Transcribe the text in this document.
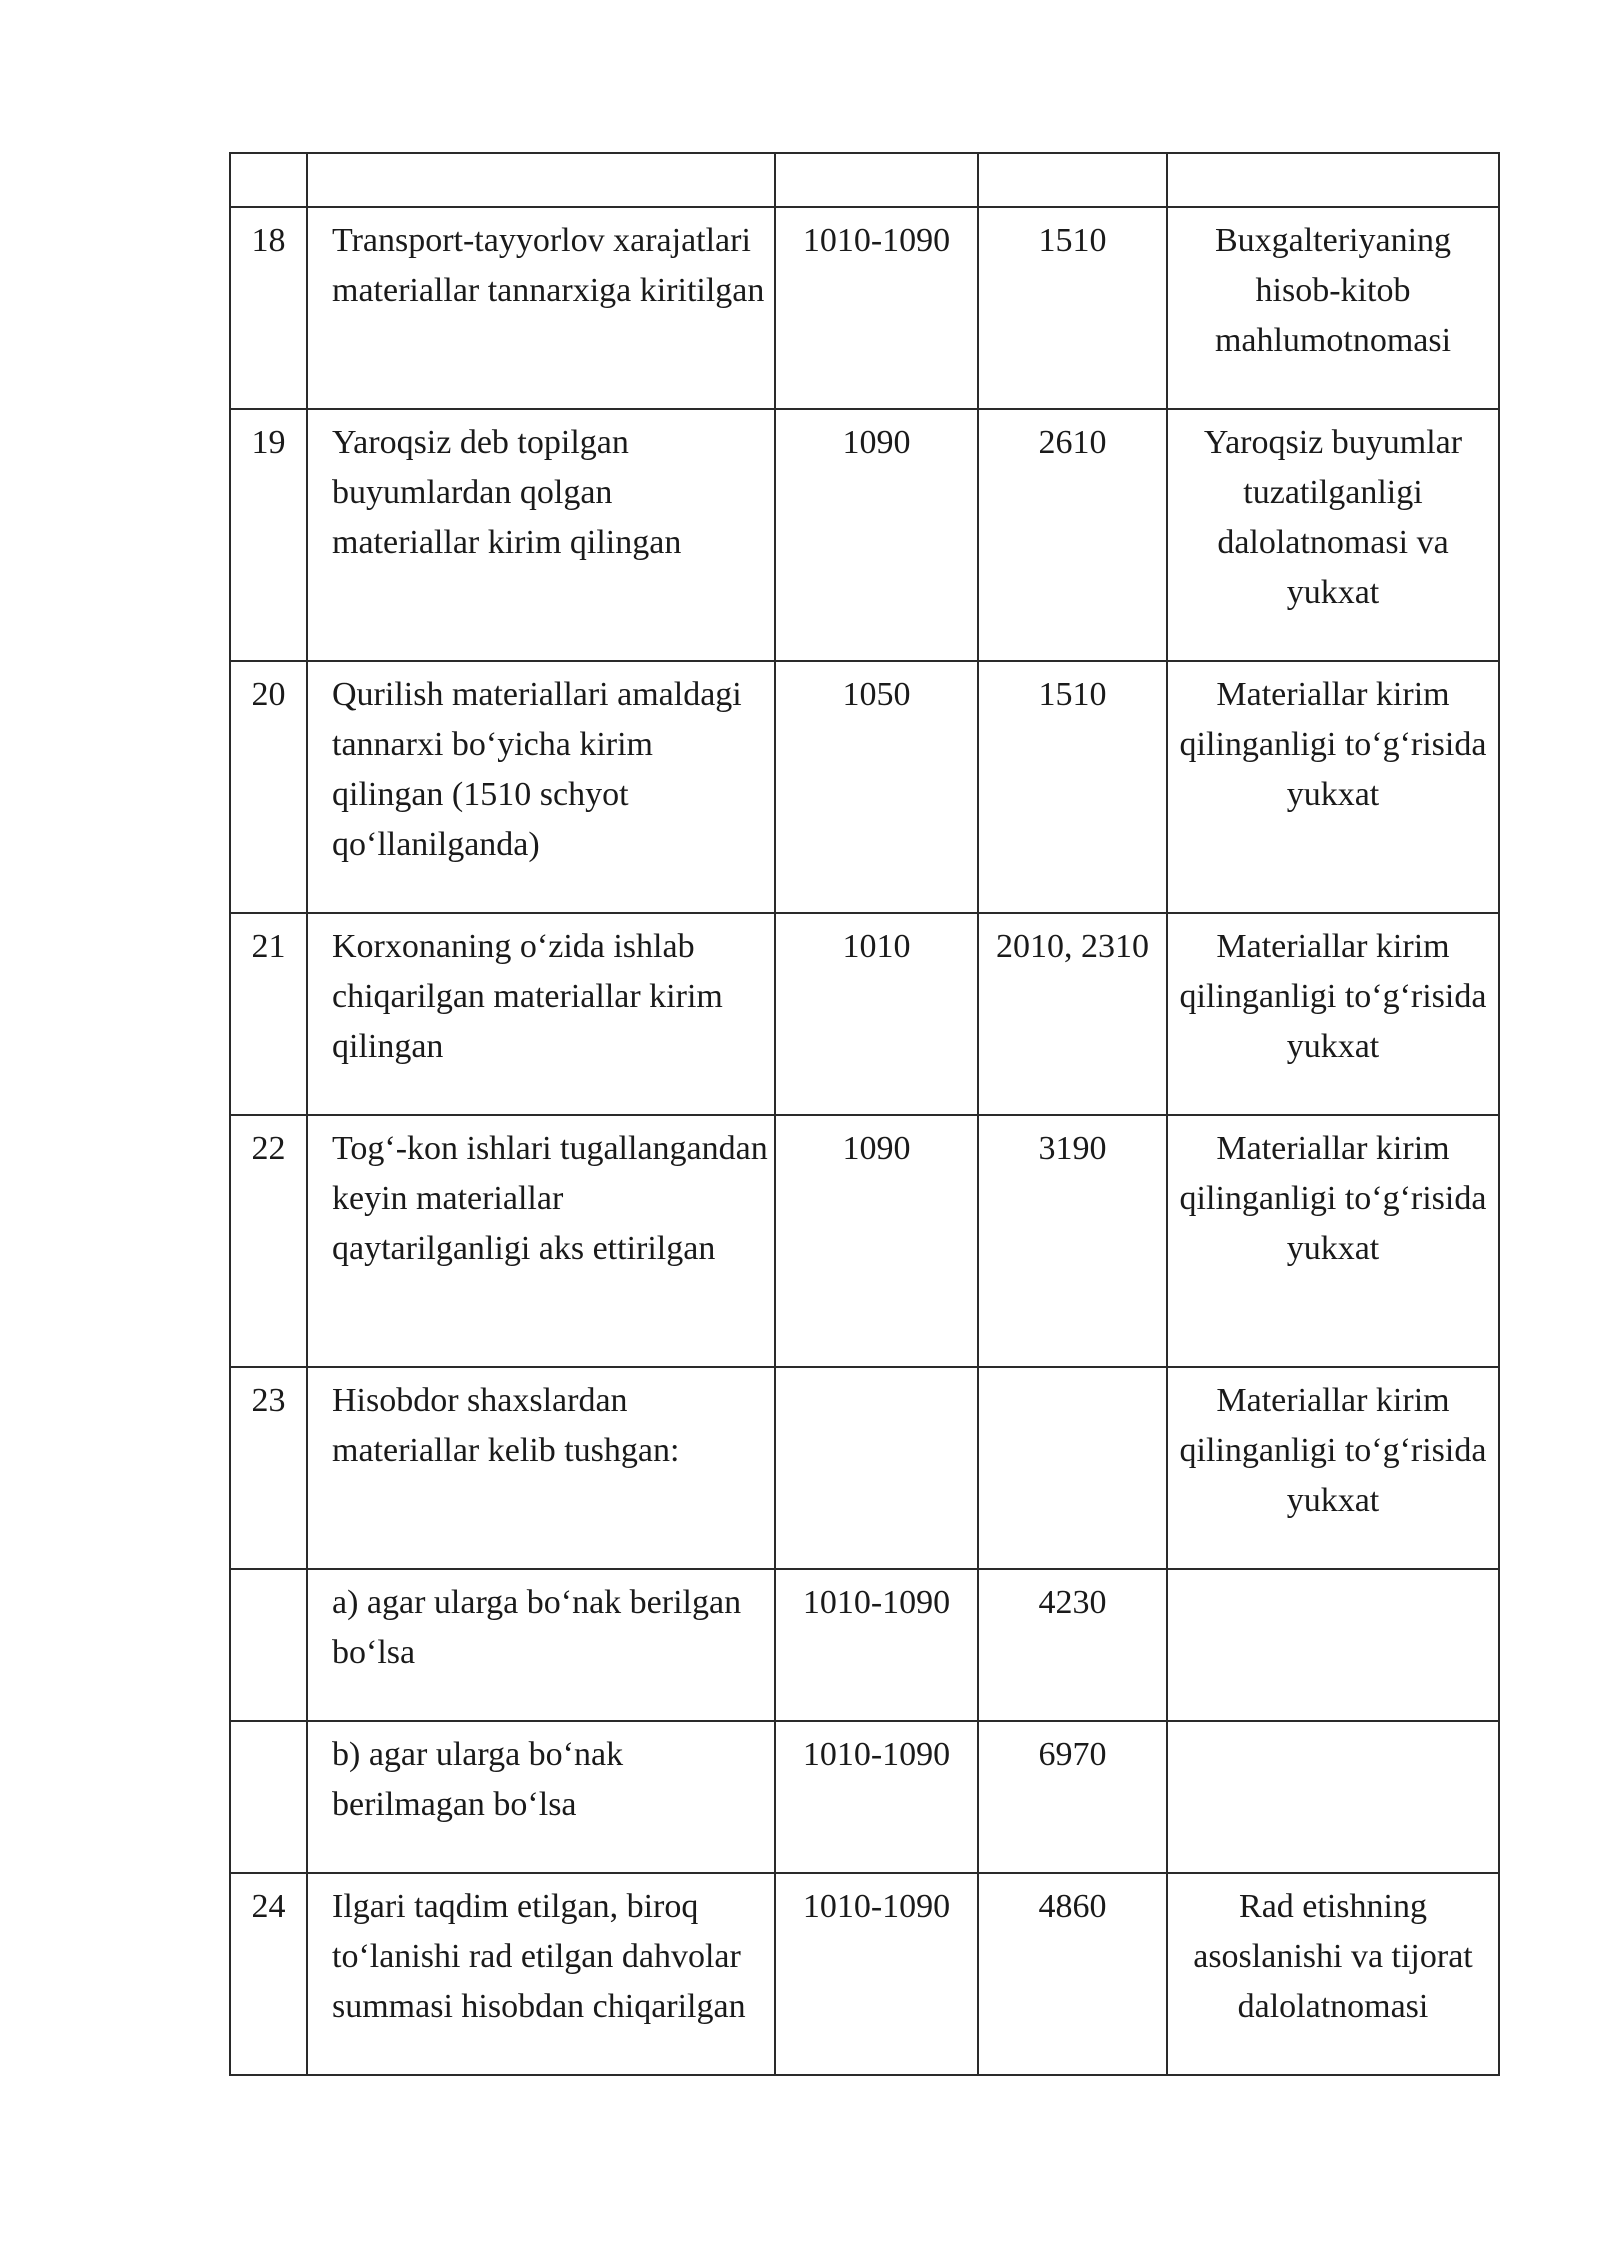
18	Transport-tayyorlov xarajatlari materiallar tannarxiga kiritilgan	1010-1090	1510	Buxgalteriyaning hisob-kitob mahlumotnomasi
19	Yaroqsiz deb topilgan buyumlardan qolgan materiallar kirim qilingan	1090	2610	Yaroqsiz buyumlar tuzatilganligi dalolatnomasi va yukxat
20	Qurilish materiallari amaldagi tannarxi bo‘yicha kirim qilingan (1510 schyot qo‘llanilganda)	1050	1510	Materiallar kirim qilinganligi to‘g‘risida yukxat
21	Korxonaning o‘zida ishlab chiqarilgan materiallar kirim qilingan	1010	2010, 2310	Materiallar kirim qilinganligi to‘g‘risida yukxat
22	Tog‘-kon ishlari tugallangandan keyin materiallar qaytarilganligi aks ettirilgan	1090	3190	Materiallar kirim qilinganligi to‘g‘risida yukxat
23	Hisobdor shaxslardan materiallar kelib tushgan:			Materiallar kirim qilinganligi to‘g‘risida yukxat
	a) agar ularga bo‘nak berilgan bo‘lsa	1010-1090	4230	
	b) agar ularga bo‘nak berilmagan bo‘lsa	1010-1090	6970	
24	Ilgari taqdim etilgan, biroq to‘lanishi rad etilgan dahvolar summasi hisobdan chiqarilgan	1010-1090	4860	Rad etishning asoslanishi va tijorat dalolatnomasi
